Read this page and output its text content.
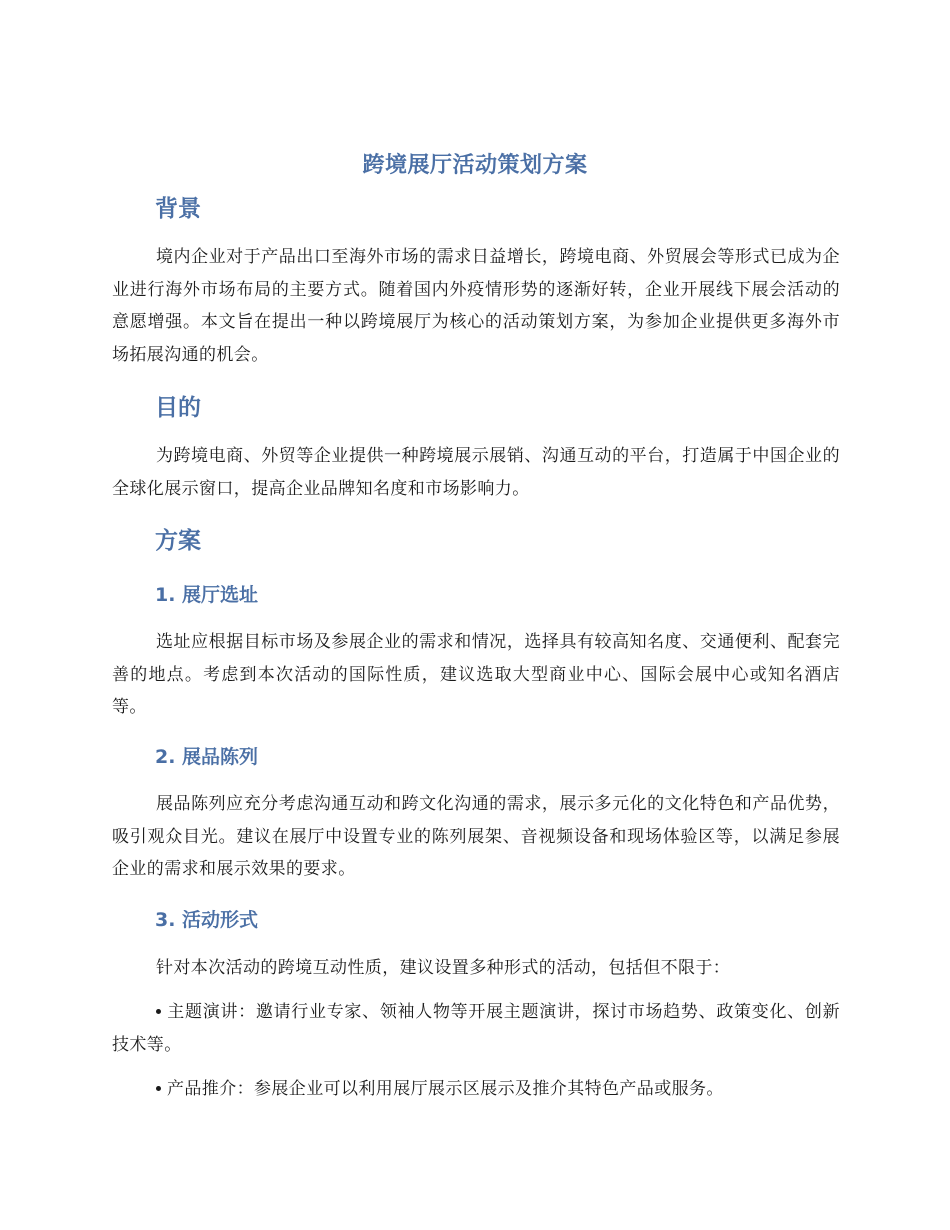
跨境展厅活动策划方案
背景
境内企业对于产品出口至海外市场的需求日益增长，跨境电商、外贸展会等形式已成为企业进行海外市场布局的主要方式。随着国内外疫情形势的逐渐好转，企业开展线下展会活动的意愿增强。本文旨在提出一种以跨境展厅为核心的活动策划方案，为参加企业提供更多海外市场拓展沟通的机会。
目的
为跨境电商、外贸等企业提供一种跨境展示展销、沟通互动的平台，打造属于中国企业的全球化展示窗口，提高企业品牌知名度和市场影响力。
方案
1. 展厅选址
选址应根据目标市场及参展企业的需求和情况，选择具有较高知名度、交通便利、配套完善的地点。考虑到本次活动的国际性质，建议选取大型商业中心、国际会展中心或知名酒店等。
2. 展品陈列
展品陈列应充分考虑沟通互动和跨文化沟通的需求，展示多元化的文化特色和产品优势，吸引观众目光。建议在展厅中设置专业的陈列展架、音视频设备和现场体验区等，以满足参展企业的需求和展示效果的要求。
3. 活动形式
针对本次活动的跨境互动性质，建议设置多种形式的活动，包括但不限于：
主题演讲：邀请行业专家、领袖人物等开展主题演讲，探讨市场趋势、政策变化、创新技术等。
产品推介：参展企业可以利用展厅展示区展示及推介其特色产品或服务。
